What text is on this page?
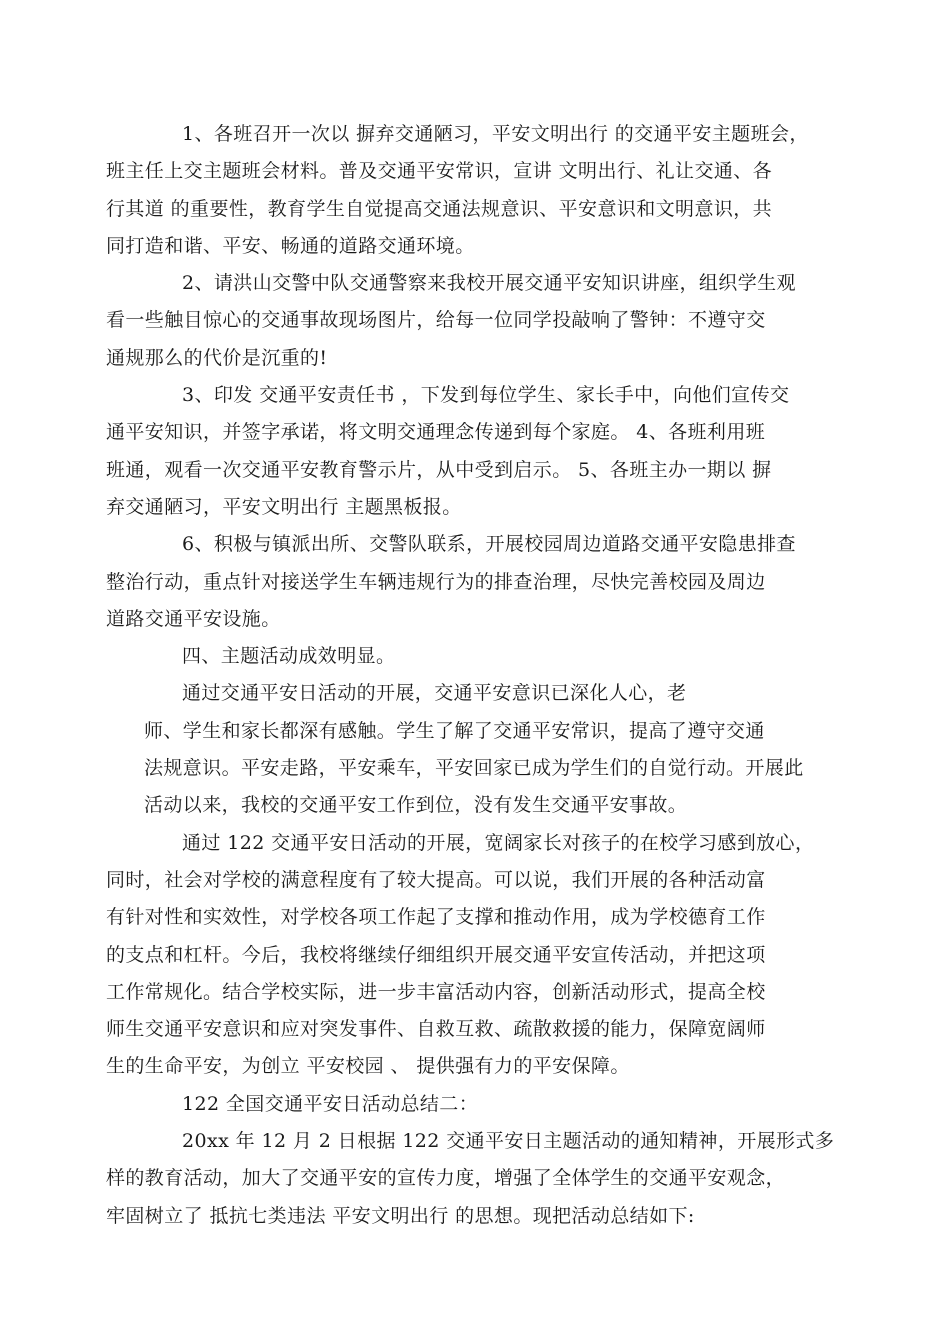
1、各班召开一次以 摒弃交通陋习，平安文明出行 的交通平安主题班会，
班主任上交主题班会材料。普及交通平安常识，宣讲 文明出行、礼让交通、各
行其道 的重要性，教育学生自觉提高交通法规意识、平安意识和文明意识，共
同打造和谐、平安、畅通的道路交通环境。

2、请洪山交警中队交通警察来我校开展交通平安知识讲座，组织学生观
看一些触目惊心的交通事故现场图片，给每一位同学投敲响了警钟：不遵守交
通规那么的代价是沉重的!

3、印发 交通平安责任书 ，下发到每位学生、家长手中，向他们宣传交
通平安知识，并签字承诺，将文明交通理念传递到每个家庭。 4、各班利用班
班通，观看一次交通平安教育警示片，从中受到启示。 5、各班主办一期以 摒
弃交通陋习，平安文明出行 主题黑板报。

6、积极与镇派出所、交警队联系，开展校园周边道路交通平安隐患排查
整治行动，重点针对接送学生车辆违规行为的排查治理，尽快完善校园及周边
道路交通平安设施。

四、主题活动成效明显。

通过交通平安日活动的开展，交通平安意识已深化人心，老

师、学生和家长都深有感触。学生了解了交通平安常识，提高了遵守交通
法规意识。平安走路，平安乘车，平安回家已成为学生们的自觉行动。开展此
活动以来，我校的交通平安工作到位，没有发生交通平安事故。

通过 122 交通平安日活动的开展，宽阔家长对孩子的在校学习感到放心，
同时，社会对学校的满意程度有了较大提高。可以说，我们开展的各种活动富
有针对性和实效性，对学校各项工作起了支撑和推动作用，成为学校德育工作
的支点和杠杆。今后，我校将继续仔细组织开展交通平安宣传活动，并把这项
工作常规化。结合学校实际，进一步丰富活动内容，创新活动形式，提高全校
师生交通平安意识和应对突发事件、自救互救、疏散救援的能力，保障宽阔师
生的生命平安，为创立 平安校园 、 提供强有力的平安保障。

122 全国交通平安日活动总结二：

20xx 年 12 月 2 日根据 122 交通平安日主题活动的通知精神，开展形式多
样的教育活动，加大了交通平安的宣传力度，增强了全体学生的交通平安观念，
牢固树立了 抵抗七类违法 平安文明出行 的思想。现把活动总结如下:
